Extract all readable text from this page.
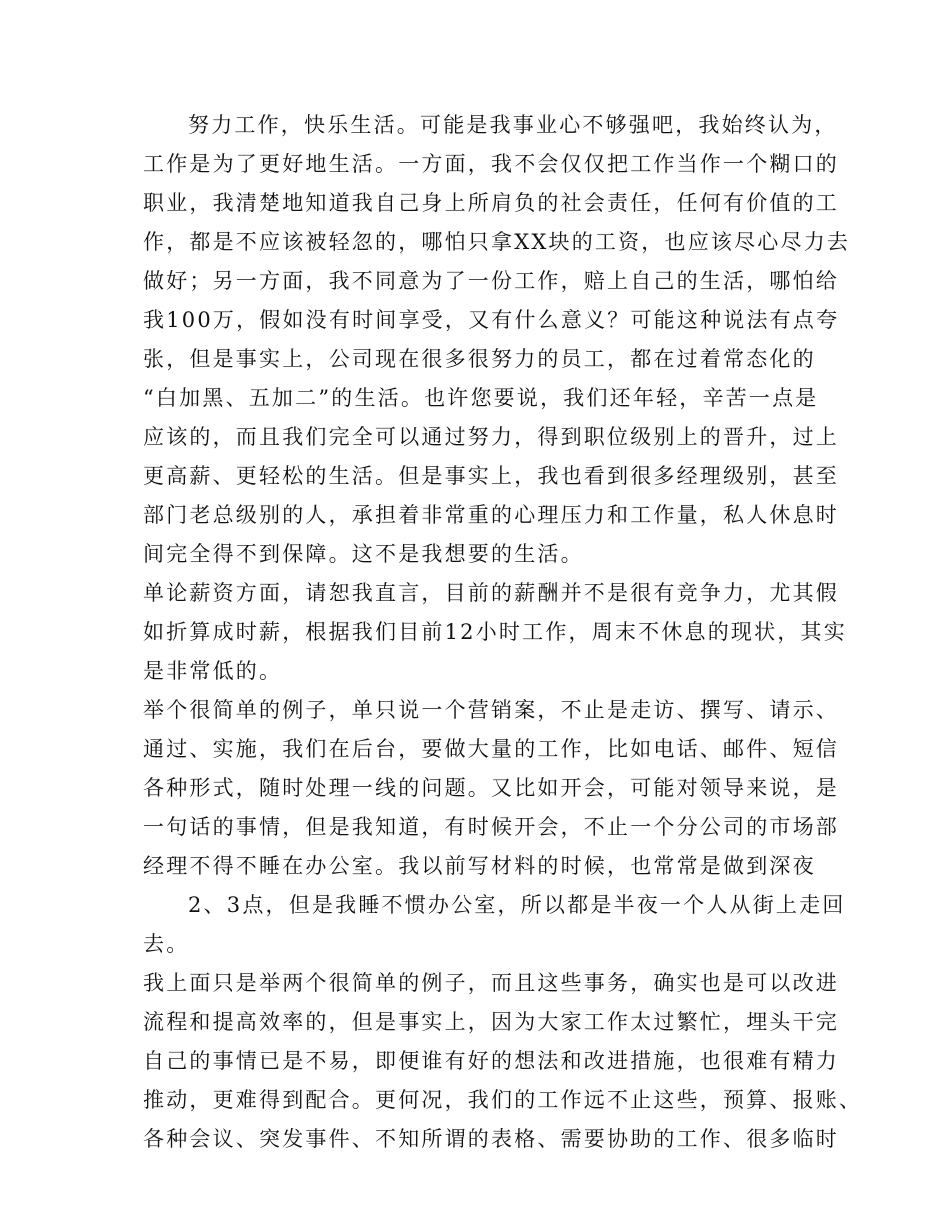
努力工作，快乐生活。可能是我事业心不够强吧，我始终认为，
工作是为了更好地生活。一方面，我不会仅仅把工作当作一个糊口的
职业，我清楚地知道我自己身上所肩负的社会责任，任何有价值的工
作，都是不应该被轻忽的，哪怕只拿XX块的工资，也应该尽心尽力去
做好；另一方面，我不同意为了一份工作，赔上自己的生活，哪怕给
我100万，假如没有时间享受，又有什么意义？可能这种说法有点夸
张，但是事实上，公司现在很多很努力的员工，都在过着常态化的
“白加黑、五加二”的生活。也许您要说，我们还年轻，辛苦一点是
应该的，而且我们完全可以通过努力，得到职位级别上的晋升，过上
更高薪、更轻松的生活。但是事实上，我也看到很多经理级别，甚至
部门老总级别的人，承担着非常重的心理压力和工作量，私人休息时
间完全得不到保障。这不是我想要的生活。
单论薪资方面，请恕我直言，目前的薪酬并不是很有竞争力，尤其假
如折算成时薪，根据我们目前12小时工作，周末不休息的现状，其实
是非常低的。
举个很简单的例子，单只说一个营销案，不止是走访、撰写、请示、
通过、实施，我们在后台，要做大量的工作，比如电话、邮件、短信
各种形式，随时处理一线的问题。又比如开会，可能对领导来说，是
一句话的事情，但是我知道，有时候开会，不止一个分公司的市场部
经理不得不睡在办公室。我以前写材料的时候，也常常是做到深夜
2、3点，但是我睡不惯办公室，所以都是半夜一个人从街上走回
去。
我上面只是举两个很简单的例子，而且这些事务，确实也是可以改进
流程和提高效率的，但是事实上，因为大家工作太过繁忙，埋头干完
自己的事情已是不易，即便谁有好的想法和改进措施，也很难有精力
推动，更难得到配合。更何况，我们的工作远不止这些，预算、报账、
各种会议、突发事件、不知所谓的表格、需要协助的工作、很多临时
